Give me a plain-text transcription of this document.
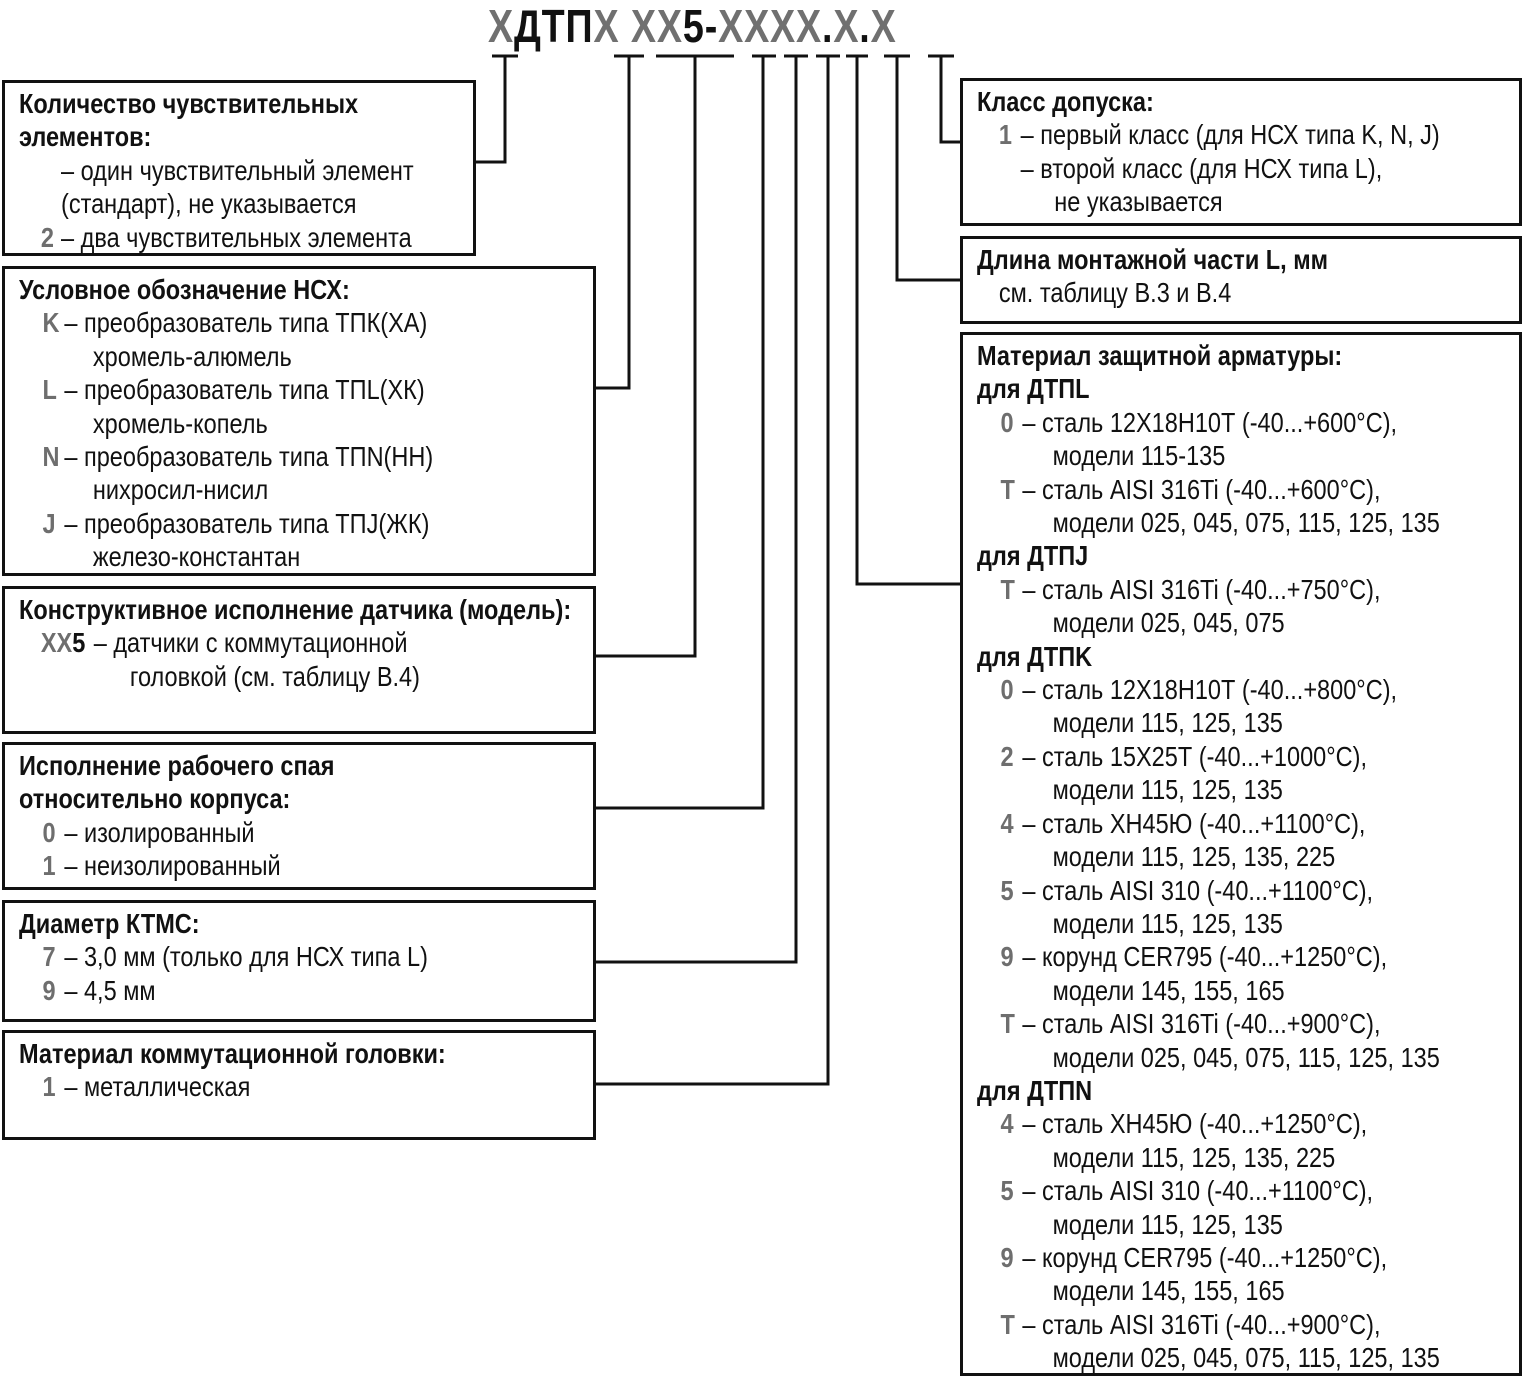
X ДТП X XX 5 - XXXX . X . X
Количество чувствительных элементов:
– один чувствительный элемент (стандарт), не указывается
2 – два чувствительных элемента
Условное обозначение НСХ:
K – преобразователь типа ТПК(ХА)
хромель-алюмель
L – преобразователь типа ТПL(ХК)
хромель-копель
N – преобразователь типа ТПN(НН)
нихросил-нисил
J – преобразователь типа ТПJ(ЖК)
железо-константан
Конструктивное исполнение датчика (модель):
XX5 – датчики с коммутационной
головкой (см. таблицу В.4)
Исполнение рабочего спая относительно корпуса:
0 – изолированный
1 – неизолированный
Диаметр КТМС:
7 – 3,0 мм (только для НСХ типа L)
9 – 4,5 мм
Материал коммутационной головки:
1 – металлическая
Класс допуска:
1 – первый класс (для НСХ типа K, N, J)
– второй класс (для НСХ типа L),
не указывается
Длина монтажной части L, мм
см. таблицу В.3 и В.4
Материал защитной арматуры:
для ДТПL
0 – сталь 12Х18Н10Т (-40...+600°C),
модели 115-135
T – сталь AISI 316Ti (-40...+600°C),
модели 025, 045, 075, 115, 125, 135
для ДТПJ
T – сталь AISI 316Ti (-40...+750°C),
модели 025, 045, 075
для ДТПK
0 – сталь 12Х18Н10Т (-40...+800°C),
модели 115, 125, 135
2 – сталь 15Х25Т (-40...+1000°C),
модели 115, 125, 135
4 – сталь ХН45Ю (-40...+1100°C),
модели 115, 125, 135, 225
5 – сталь AISI 310 (-40...+1100°C),
модели 115, 125, 135
9 – корунд CER795 (-40...+1250°C),
модели 145, 155, 165
T – сталь AISI 316Ti (-40...+900°C),
модели 025, 045, 075, 115, 125, 135
для ДТПN
4 – сталь ХН45Ю (-40...+1250°C),
модели 115, 125, 135, 225
5 – сталь AISI 310 (-40...+1100°C),
модели 115, 125, 135
9 – корунд CER795 (-40...+1250°C),
модели 145, 155, 165
T – сталь AISI 316Ti (-40...+900°C),
модели 025, 045, 075, 115, 125, 135
